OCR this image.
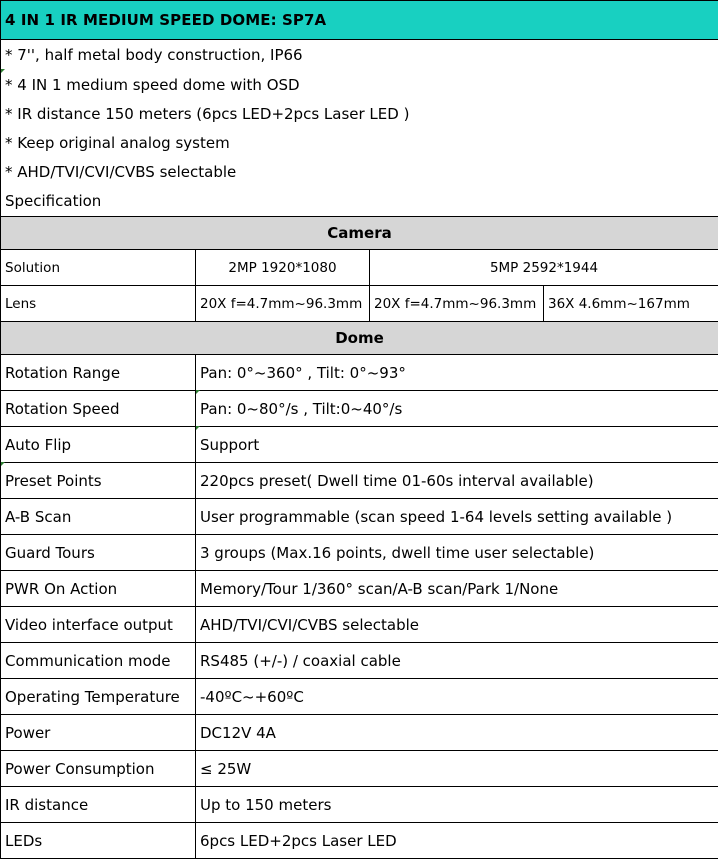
4 IN 1 IR MEDIUM SPEED DOME: SP7A			
* 7'', half metal body construction, IP66			
* 4 IN 1 medium speed dome with OSD			
* IR distance 150 meters (6pcs LED+2pcs Laser LED )			
* Keep original analog system			
* AHD/TVI/CVI/CVBS selectable			
Specification			
Camera			
Solution	2MP 1920*1080	5MP 2592*1944	
Lens	20X f=4.7mm~96.3mm	20X f=4.7mm~96.3mm	36X 4.6mm~167mm
Dome			
Rotation Range	Pan: 0°~360° , Tilt: 0°~93°		
Rotation Speed	Pan: 0~80°/s , Tilt:0~40°/s		
Auto Flip	Support		
Preset Points	220pcs preset( Dwell time 01-60s interval available)		
A-B Scan	User programmable (scan speed 1-64 levels setting available )		
Guard Tours	3 groups (Max.16 points, dwell time user selectable)		
PWR On Action	Memory/Tour 1/360° scan/A-B scan/Park 1/None		
Video interface output	AHD/TVI/CVI/CVBS selectable		
Communication mode	RS485 (+/-) / coaxial cable		
Operating Temperature	-40ºC~+60ºC		
Power	DC12V 4A		
Power Consumption	≤ 25W		
IR distance	Up to 150 meters		
LEDs	6pcs LED+2pcs Laser LED		
